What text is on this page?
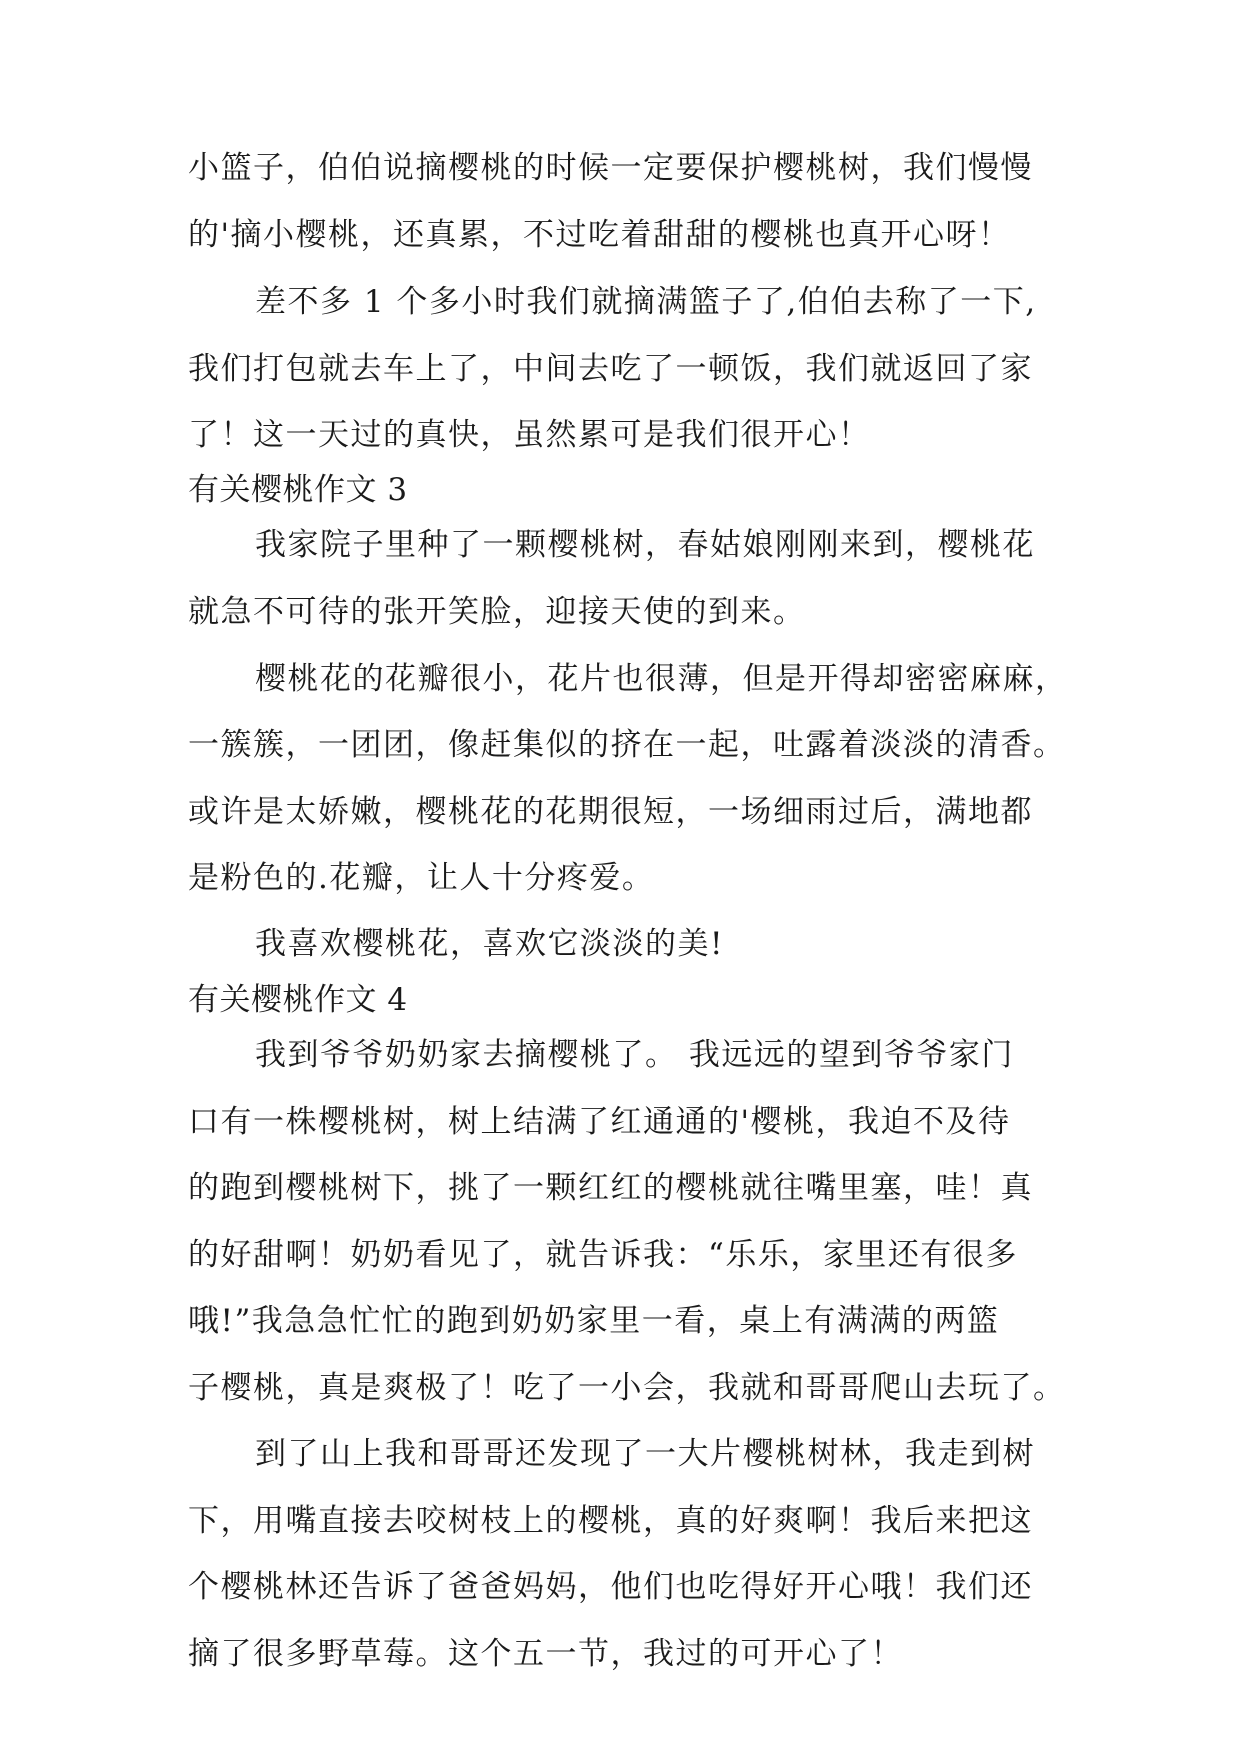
小篮子，伯伯说摘樱桃的时候一定要保护樱桃树，我们慢慢
的'摘小樱桃，还真累，不过吃着甜甜的樱桃也真开心呀！
差不多 1 个多小时我们就摘满篮子了,伯伯去称了一下,
我们打包就去车上了，中间去吃了一顿饭，我们就返回了家
了！这一天过的真快，虽然累可是我们很开心！
有关樱桃作文 3
我家院子里种了一颗樱桃树，春姑娘刚刚来到，樱桃花
就急不可待的张开笑脸，迎接天使的到来。
樱桃花的花瓣很小，花片也很薄，但是开得却密密麻麻，
一簇簇，一团团，像赶集似的挤在一起，吐露着淡淡的清香。
或许是太娇嫩，樱桃花的花期很短，一场细雨过后，满地都
是粉色的.花瓣，让人十分疼爱。
我喜欢樱桃花，喜欢它淡淡的美!
有关樱桃作文 4
我到爷爷奶奶家去摘樱桃了。 我远远的望到爷爷家门
口有一株樱桃树，树上结满了红通通的'樱桃，我迫不及待
的跑到樱桃树下，挑了一颗红红的樱桃就往嘴里塞，哇！真
的好甜啊！奶奶看见了，就告诉我：“乐乐，家里还有很多
哦!”我急急忙忙的跑到奶奶家里一看，桌上有满满的两篮
子樱桃，真是爽极了！吃了一小会，我就和哥哥爬山去玩了。
到了山上我和哥哥还发现了一大片樱桃树林，我走到树
下，用嘴直接去咬树枝上的樱桃，真的好爽啊！我后来把这
个樱桃林还告诉了爸爸妈妈，他们也吃得好开心哦！我们还
摘了很多野草莓。这个五一节，我过的可开心了！
